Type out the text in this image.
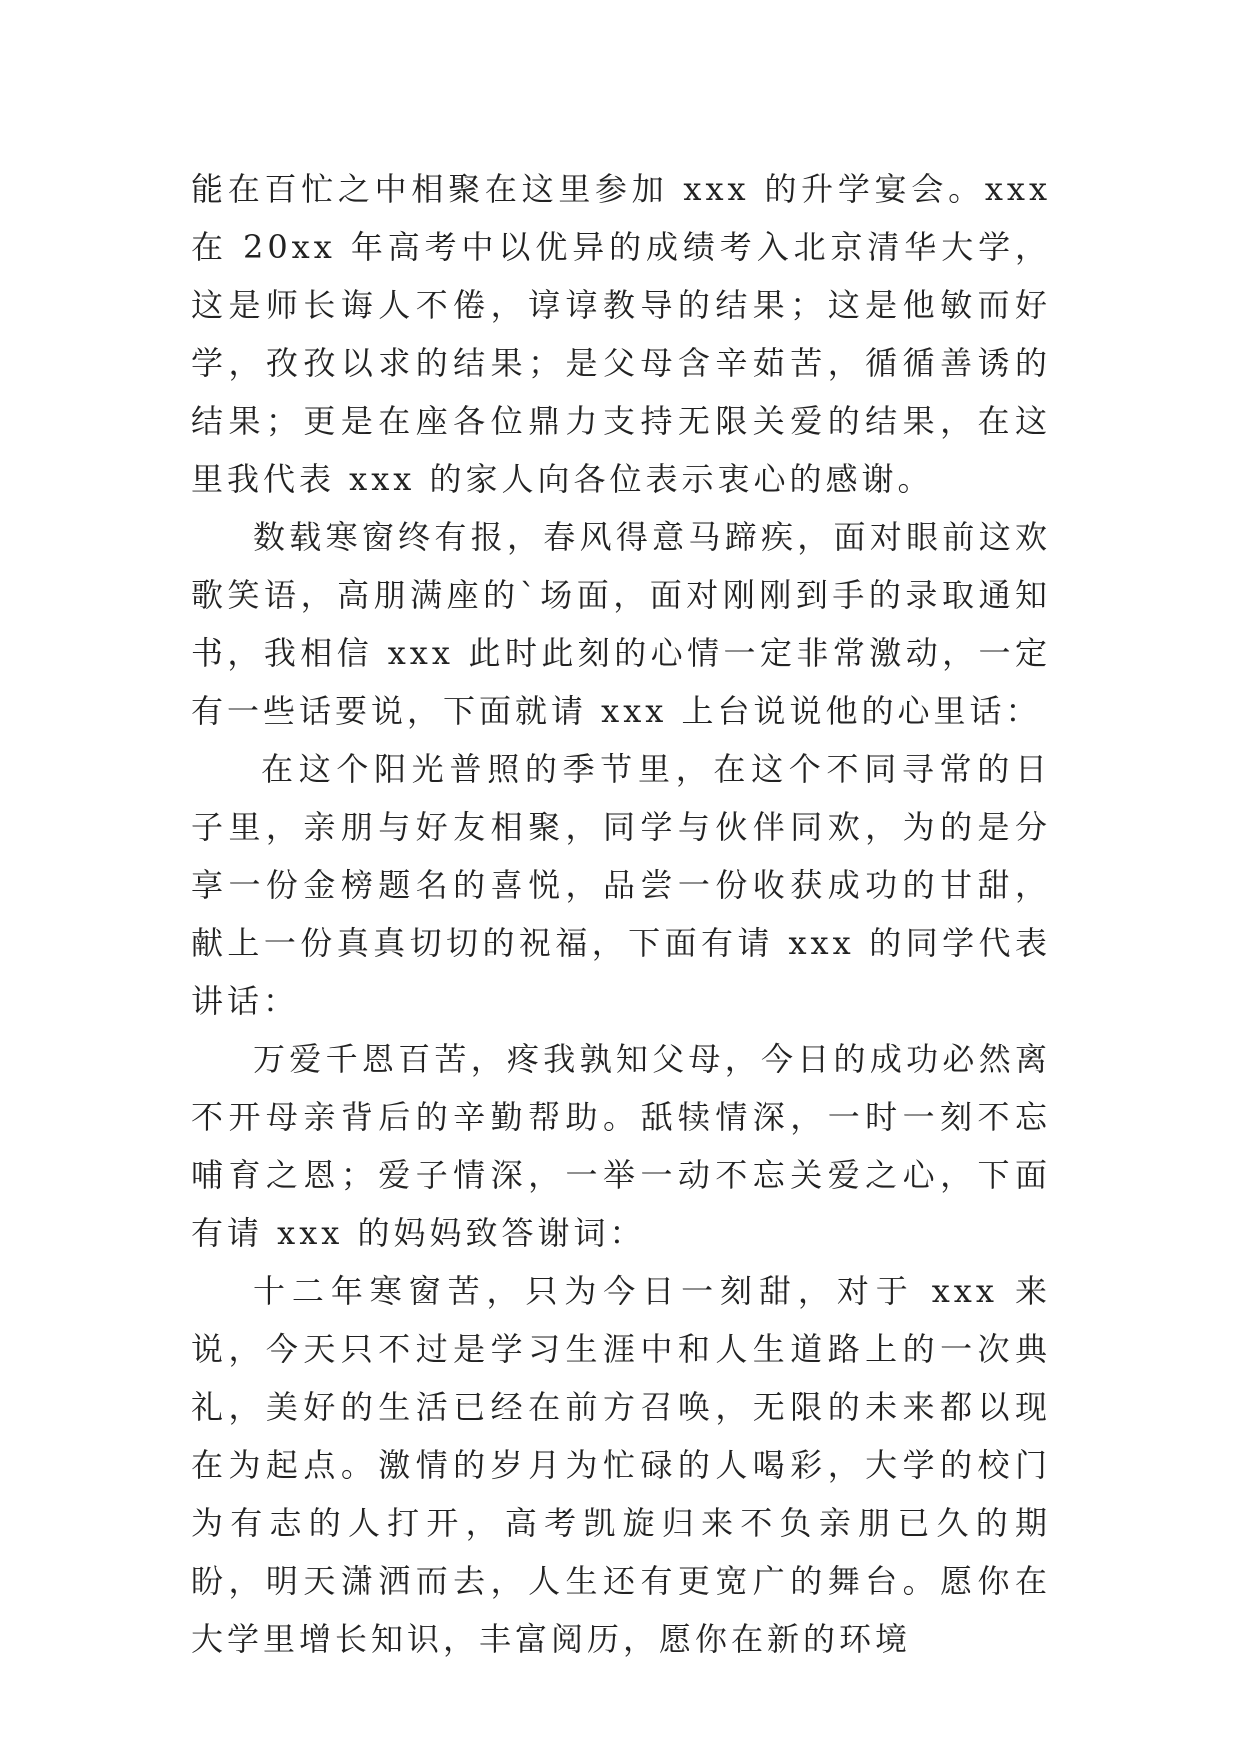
能在百忙之中相聚在这里参加 xxx 的升学宴会。xxx 在 20xx 年高考中以优异的成绩考入北京清华大学，这是师长诲人不倦，谆谆教导的结果；这是他敏而好学，孜孜以求的结果；是父母含辛茹苦，循循善诱的结果；更是在座各位鼎力支持无限关爱的结果，在这里我代表 xxx 的家人向各位表示衷心的感谢。

数载寒窗终有报，春风得意马蹄疾，面对眼前这欢歌笑语，高朋满座的`场面，面对刚刚到手的录取通知书，我相信 xxx 此时此刻的心情一定非常激动，一定有一些话要说，下面就请 xxx 上台说说他的心里话：

在这个阳光普照的季节里，在这个不同寻常的日子里，亲朋与好友相聚，同学与伙伴同欢，为的是分享一份金榜题名的喜悦，品尝一份收获成功的甘甜，献上一份真真切切的祝福，下面有请 xxx 的同学代表讲话：

万爱千恩百苦，疼我孰知父母，今日的成功必然离不开母亲背后的辛勤帮助。舐犊情深，一时一刻不忘哺育之恩；爱子情深，一举一动不忘关爱之心，下面有请 xxx 的妈妈致答谢词：

十二年寒窗苦，只为今日一刻甜，对于 xxx 来说，今天只不过是学习生涯中和人生道路上的一次典礼，美好的生活已经在前方召唤，无限的未来都以现在为起点。激情的岁月为忙碌的人喝彩，大学的校门为有志的人打开，高考凯旋归来不负亲朋已久的期盼，明天潇洒而去，人生还有更宽广的舞台。愿你在大学里增长知识，丰富阅历，愿你在新的环境
